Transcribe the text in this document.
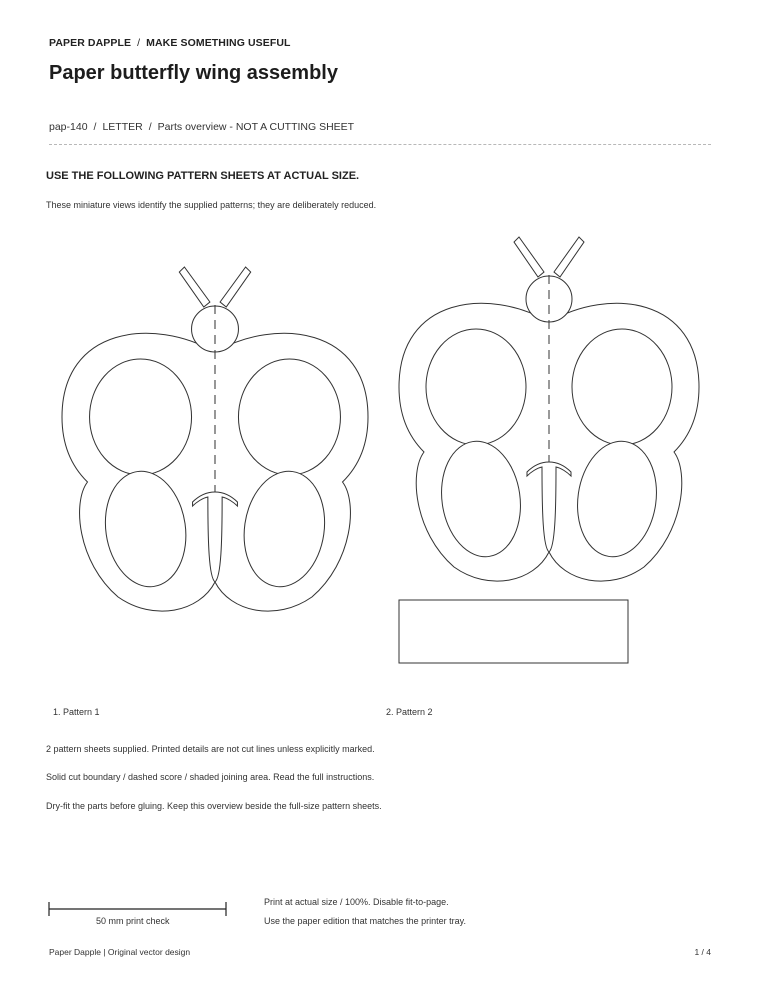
PAPER DAPPLE / MAKE SOMETHING USEFUL
Paper butterfly wing assembly
pap-140 / LETTER / Parts overview - NOT A CUTTING SHEET
USE THE FOLLOWING PATTERN SHEETS AT ACTUAL SIZE.
These miniature views identify the supplied patterns; they are deliberately reduced.
1. Pattern 1	2. Pattern 2
2 pattern sheets supplied. Printed details are not cut lines unless explicitly marked.
Solid cut boundary / dashed score / shaded joining area. Read the full instructions.
Dry-fit the parts before gluing. Keep this overview beside the full-size pattern sheets.
50 mm print check
Print at actual size / 100%. Disable fit-to-page.
Use the paper edition that matches the printer tray.
Paper Dapple | Original vector design	1 / 4
